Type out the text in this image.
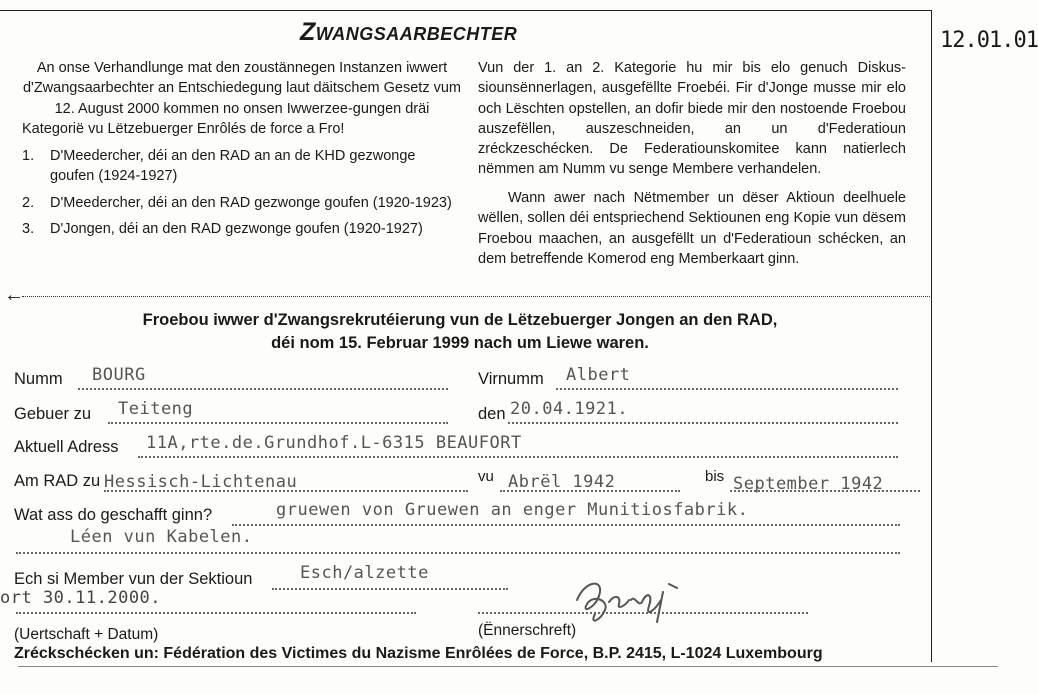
Zwangsaarbechter	12.01.01
An onse Verhandlunge mat den zoustännegen Instanzen iwwert d'Zwangsaarbechter an Entschiedegung laut däitschem Gesetz vum 12. August 2000 kommen no onsen Iwwerzee-gungen dräi Kategorië vu Lëtzebuerger Enrôlés de force a Fro!
1. D'Meedercher, déi an den RAD an an de KHD gezwonge goufen (1924-1927)
2. D'Meedercher, déi an den RAD gezwonge goufen (1920-1923)
3. D'Jongen, déi an den RAD gezwonge goufen (1920-1927)
Vun der 1. an 2. Kategorie hu mir bis elo genuch Diskus-siounsënnerlagen, ausgefëllte Froebéi. Fir d'Jonge musse mir elo och Lëschten opstellen, an dofir biede mir den nostoende Froebou auszefëllen, auszeschneiden, an un d'Federatioun zréckzeschécken. De Federatiounskomitee kann natierlech nëmmen am Numm vu senge Membere verhandelen.
Wann awer nach Nëtmember un dëser Aktioun deelhuele wëllen, sollen déi entspriechend Sektiounen eng Kopie vun dësem Froebou maachen, an ausgefëllt un d'Federatioun schécken, an dem betreffende Komerod eng Memberkaart ginn.
←
Froebou iwwer d'Zwangsrekrutéierung vun de Lëtzebuerger Jongen an den RAD,
déi nom 15. Februar 1999 nach um Liewe waren.
Numm BOURG	Virnumm Albert
Gebuer zu Teiteng	den 20.04.1921.
Aktuell Adress 11A,rte.de.Grundhof.L-6315 BEAUFORT
Am RAD zu Hessisch-Lichtenau	vu Abrël 1942	bis September 1942
Wat ass do geschafft ginn?	gruewen von Gruewen an enger Munitiosfabrik.
Léen vun Kabelen.
Ech si Member vun der Sektioun	Esch/alzette
ort 30.11.2000.
(Uertschaft + Datum)	(Ënnerschreft)
Zréckschécken un: Fédération des Victimes du Nazisme Enrôlées de Force, B.P. 2415, L-1024 Luxembourg
